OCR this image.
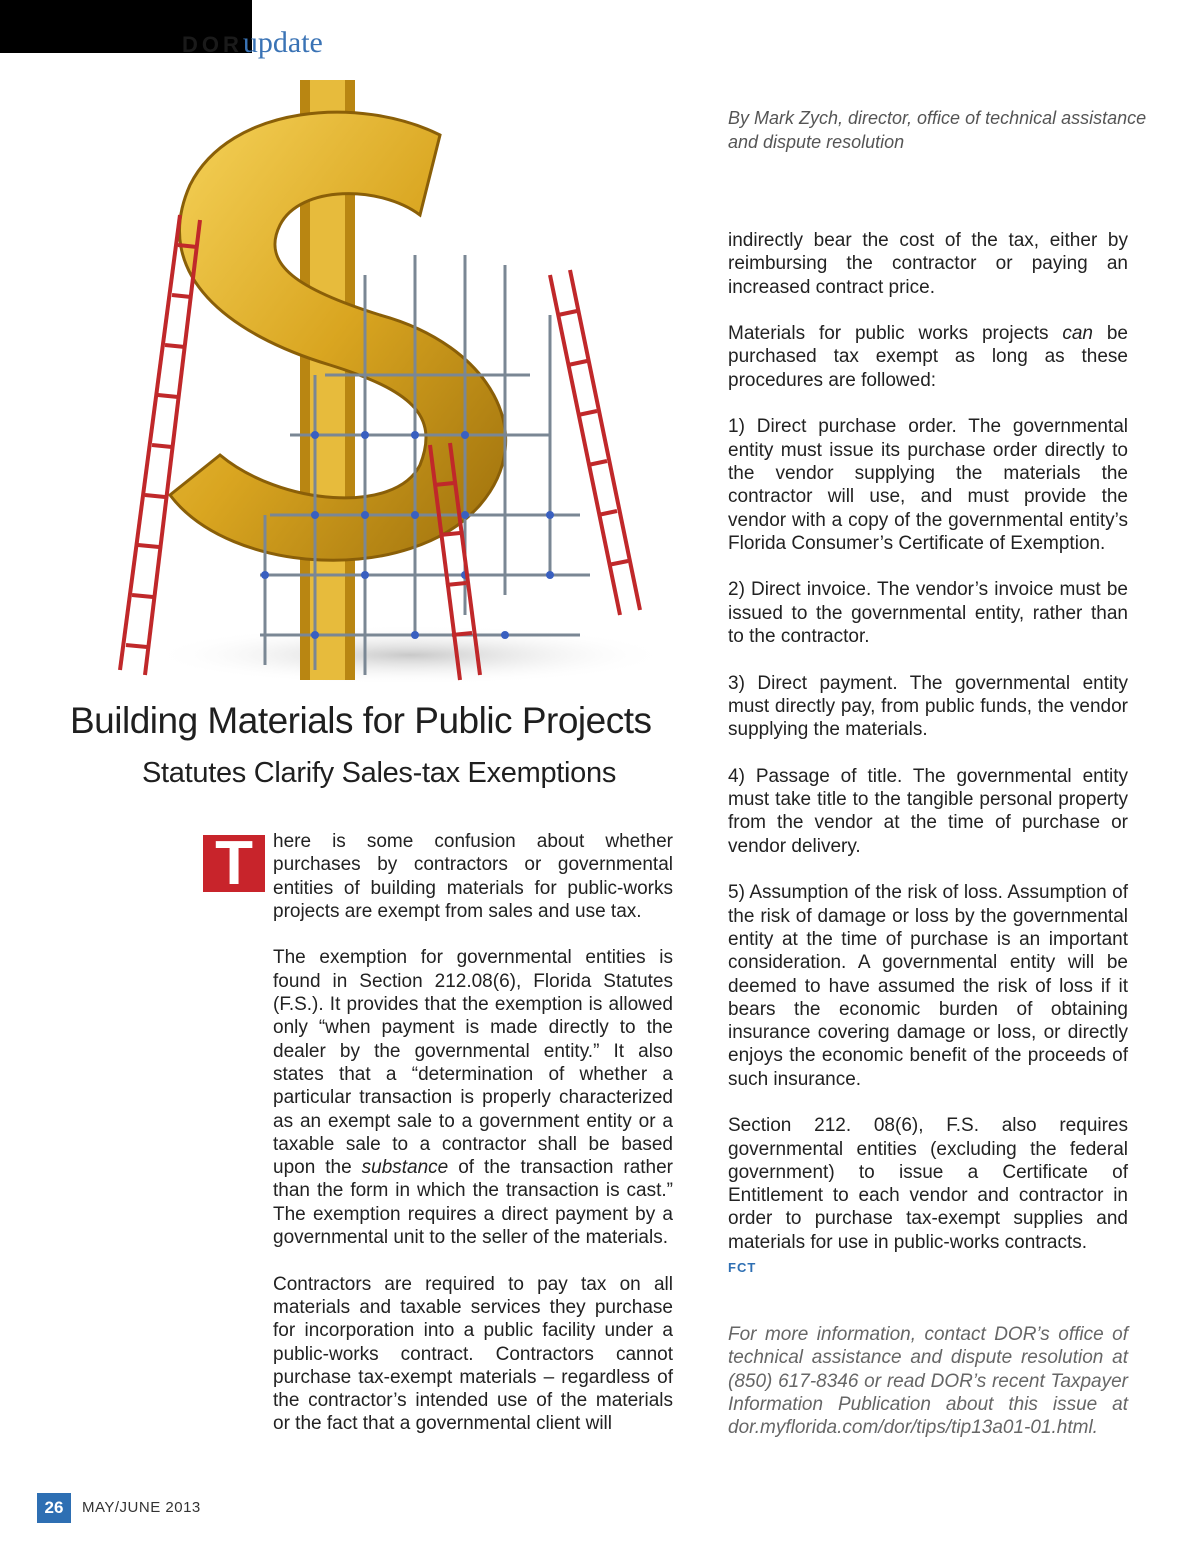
DORupdate
By Mark Zych, director, office of technical assistance and dispute resolution
Building Materials for Public Projects
Statutes Clarify Sales-tax Exemptions
T	here is some confusion about whether purchases by contractors or governmental entities of building materials for public-works projects are exempt from sales and use tax.

The exemption for governmental entities is found in Section 212.08(6), Florida Statutes (F.S.). It provides that the exemption is allowed only “when payment is made directly to the dealer by the governmental entity.” It also states that a “determination of whether a particular transaction is properly characterized as an exempt sale to a government entity or a taxable sale to a contractor shall be based upon the substance of the transaction rather than the form in which the transaction is cast.” The exemption requires a direct payment by a governmental unit to the seller of the materials.

Contractors are required to pay tax on all materials and taxable services they purchase for incorporation into a public facility under a public-works contract. Contractors cannot purchase tax-exempt materials – regardless of the contractor’s intended use of the materials or the fact that a governmental client will

indirectly bear the cost of the tax, either by reimbursing the contractor or paying an increased contract price.

Materials for public works projects can be purchased tax exempt as long as these procedures are followed:

1) Direct purchase order. The governmental entity must issue its purchase order directly to the vendor supplying the materials the contractor will use, and must provide the vendor with a copy of the governmental entity’s Florida Consumer’s Certificate of Exemption.

2) Direct invoice. The vendor’s invoice must be issued to the governmental entity, rather than to the contractor.

3) Direct payment. The governmental entity must directly pay, from public funds, the vendor supplying the materials.

4) Passage of title. The governmental entity must take title to the tangible personal property from the vendor at the time of purchase or vendor delivery.

5) Assumption of the risk of loss. Assumption of the risk of damage or loss by the governmental entity at the time of purchase is an important consideration. A governmental entity will be deemed to have assumed the risk of loss if it bears the economic burden of obtaining insurance covering damage or loss, or directly enjoys the economic benefit of the proceeds of such insurance.

Section 212. 08(6), F.S. also requires governmental entities (excluding the federal government) to issue a Certificate of Entitlement to each vendor and contractor in order to purchase tax-exempt supplies and materials for use in public-works contracts.
FCT

For more information, contact DOR’s office of technical assistance and dispute resolution at (850) 617-8346 or read DOR’s recent Taxpayer Information Publication about this issue at dor.myflorida.com/dor/tips/tip13a01-01.html.
26	MAY/JUNE 2013
